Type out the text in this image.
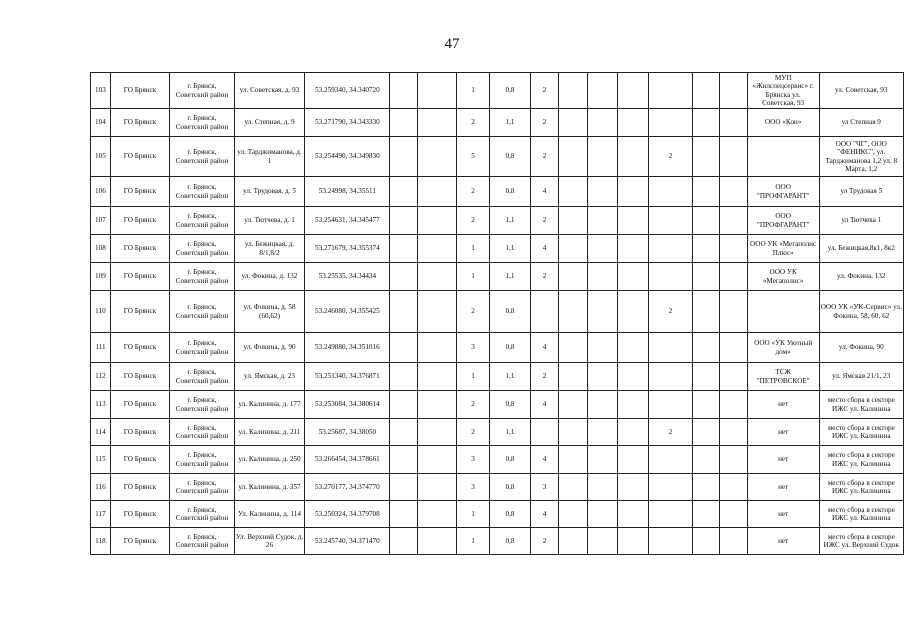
47
103	ГО Брянск	г. Брянск, Советский район	ул. Советская, д. 93	53.259340, 34.340720			1	0,8	2							МУП «Жилспецсервис» г. Брянска ул. Советская, 93	ул. Советская, 93
104	ГО Брянск	г. Брянск, Советский район	ул. Степная, д. 9	53.271790, 34.343330			2	1,1	2							ООО «Кон»	ул Степная 9
105	ГО Брянск	г. Брянск, Советский район	ул. Тарджиманова, д. 1	53.254490, 34.349830			5	0,8	2				2				ООО "ЧГ", ООО "ФЕНИКС", ул. Тарджиманова 1,2 ул. 8 Марта, 1,2
106	ГО Брянск	г. Брянск, Советский район	ул. Трудовая, д. 5	53.24998, 34.35511			2	0,8	4							ООО "ПРОФГАРАНТ"	ул Трудовая 5
107	ГО Брянск	г. Брянск, Советский район	ул. Тютчева, д. 1	53.254631, 34.345477			2	1,1	2							ООО "ПРОФГАРАНТ"	ул Тютчева 1
108	ГО Брянск	г. Брянск, Советский район	ул. Бежицкая, д. 8/1,8/2	53.271679, 34.355374			1	1,1	4							ООО УК «Мегаполис Плюс»	ул. Бежицкая,8к1, 8к2
109	ГО Брянск	г. Брянск, Советский район	ул. Фокина, д. 132	53.25535, 34.34434			1	1,1	2							ООО УК «Мегаполис»	ул. Фокина, 132
110	ГО Брянск	г. Брянск, Советский район	ул. Фокина, д. 58 (60,62)	53.246080, 34.355425			2	0,8					2				ООО УК «УК-Сервис» ул. Фокина, 58, 60, 62
111	ГО Брянск	г. Брянск, Советский район	ул. Фокина, д. 90	53.249880, 34.351016			3	0,8	4							ООО «УК Уютный дом»	ул. Фокина, 90
112	ГО Брянск	г. Брянск, Советский район	ул. Ямская, д. 23	53.251340, 34.376871			1	1,1	2							ТСЖ "ПЕТРОВСКОЕ"	ул. Ямская 21/1, 23
113	ГО Брянск	г. Брянск, Советский район	ул. Калинина, д. 177	53.253084, 34.380614			2	0,8	4							нет	место сбора в секторе ИЖС ул. Калинина
114	ГО Брянск	г. Брянск, Советский район	ул. Калинина, д. 211	53.25687, 34.38050			2	1,1					2			нет	место сбора в секторе ИЖС ул. Калинина
115	ГО Брянск	г. Брянск, Советский район	ул. Калинина, д. 250	53.266454, 34.378661			3	0,8	4							нет	место сбора в секторе ИЖС ул. Калинина
116	ГО Брянск	г. Брянск, Советский район	ул. Калинина, д. 357	53.270177, 34.374770			3	0,8	3							нет	место сбора в секторе ИЖС ул. Калинина
117	ГО Брянск	г. Брянск, Советский район	Ул. Калинина, д. 114	53.250324, 34.379708			1	0,8	4							нет	место сбора в секторе ИЖС ул. Калинина
118	ГО Брянск	г. Брянск, Советский район	Ул. Верхний Судок, д. 26	53.245740, 34.371470			1	0,8	2							нет	место сбора в секторе ИЖС ул. Верхний Судок
